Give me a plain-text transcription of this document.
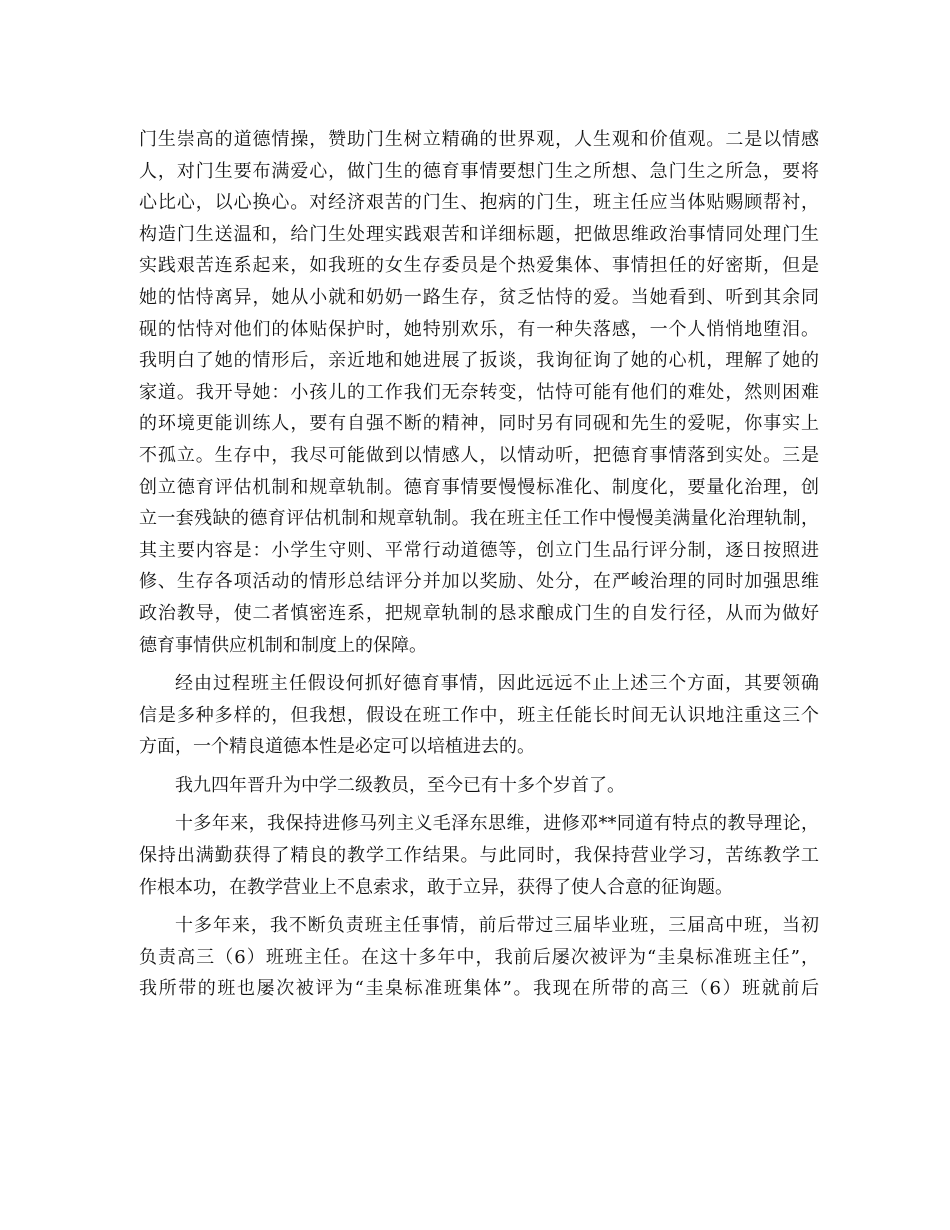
门生崇高的道德情操，赞助门生树立精确的世界观，人生观和价值观。二是以情感
人，对门生要布满爱心，做门生的德育事情要想门生之所想、急门生之所急，要将
心比心，以心换心。对经济艰苦的门生、抱病的门生，班主任应当体贴赐顾帮衬，
构造门生送温和，给门生处理实践艰苦和详细标题，把做思维政治事情同处理门生
实践艰苦连系起来，如我班的女生存委员是个热爱集体、事情担任的好密斯，但是
她的怙恃离异，她从小就和奶奶一路生存，贫乏怙恃的爱。当她看到、听到其余同
砚的怙恃对他们的体贴保护时，她特别欢乐，有一种失落感，一个人悄悄地堕泪。
我明白了她的情形后，亲近地和她进展了扳谈，我询征询了她的心机，理解了她的
家道。我开导她：小孩儿的工作我们无奈转变，怙恃可能有他们的难处，然则困难
的环境更能训练人，要有自强不断的精神，同时另有同砚和先生的爱呢，你事实上
不孤立。生存中，我尽可能做到以情感人，以情动听，把德育事情落到实处。三是
创立德育评估机制和规章轨制。德育事情要慢慢标准化、制度化，要量化治理，创
立一套残缺的德育评估机制和规章轨制。我在班主任工作中慢慢美满量化治理轨制，
其主要内容是：小学生守则、平常行动道德等，创立门生品行评分制，逐日按照进
修、生存各项活动的情形总结评分并加以奖励、处分，在严峻治理的同时加强思维
政治教导，使二者慎密连系，把规章轨制的恳求酿成门生的自发行径，从而为做好
德育事情供应机制和制度上的保障。
经由过程班主任假设何抓好德育事情，因此远远不止上述三个方面，其要领确
信是多种多样的，但我想，假设在班工作中，班主任能长时间无认识地注重这三个
方面，一个精良道德本性是必定可以培植进去的。
我九四年晋升为中学二级教员，至今已有十多个岁首了。
十多年来，我保持进修马列主义毛泽东思维，进修邓**同道有特点的教导理论，
保持出满勤获得了精良的教学工作结果。与此同时，我保持营业学习，苦练教学工
作根本功，在教学营业上不息索求，敢于立异，获得了使人合意的征询题。
十多年来，我不断负责班主任事情，前后带过三届毕业班，三届高中班，当初
负责高三（6）班班主任。在这十多年中，我前后屡次被评为“圭臬标准班主任”，
我所带的班也屡次被评为“圭臬标准班集体”。我现在所带的高三（6）班就前后
